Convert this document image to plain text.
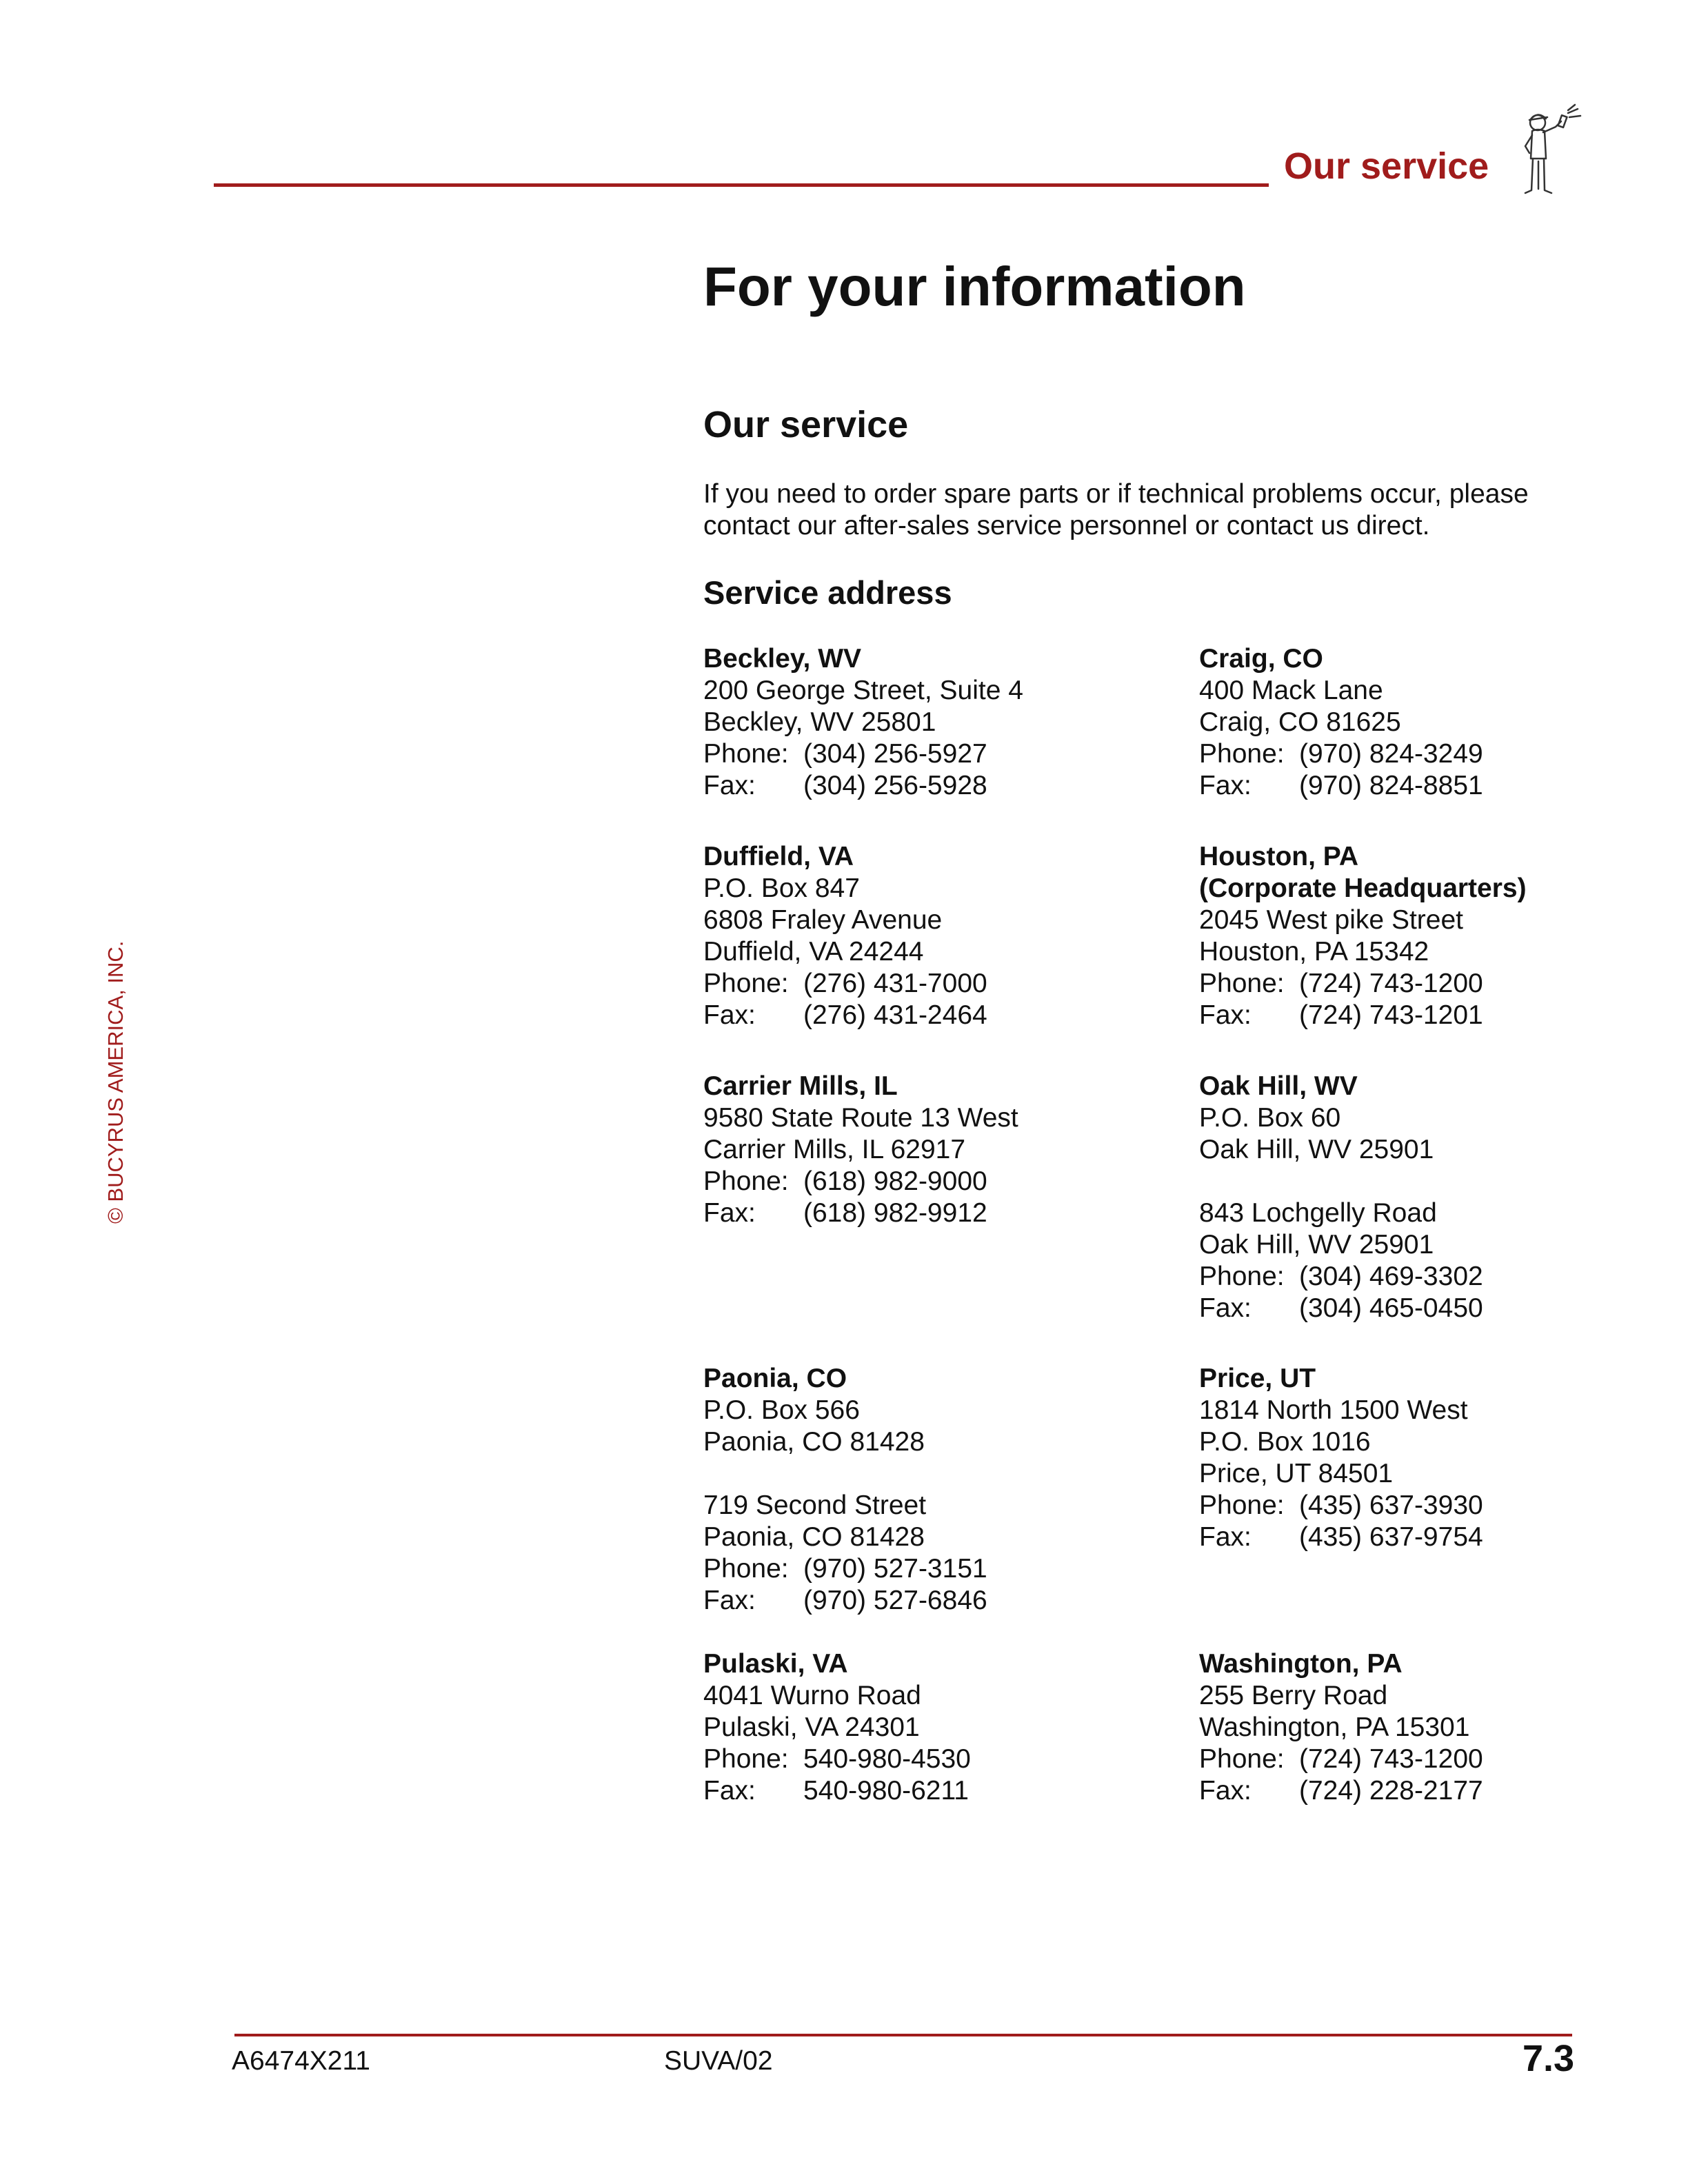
Our service
For your information
Our service

If you need to order spare parts or if technical problems occur, please contact our after-sales service personnel or contact us direct.

Service address
Beckley, WV
200 George Street, Suite 4
Beckley, WV 25801
Phone: (304) 256-5927
Fax: (304) 256-5928
Craig, CO
400 Mack Lane
Craig, CO 81625
Phone: (970) 824-3249
Fax: (970) 824-8851
Duffield, VA
P.O. Box 847
6808 Fraley Avenue
Duffield, VA 24244
Phone: (276) 431-7000
Fax: (276) 431-2464
Houston, PA
(Corporate Headquarters)
2045 West pike Street
Houston, PA 15342
Phone: (724) 743-1200
Fax: (724) 743-1201
Carrier Mills, IL
9580 State Route 13 West
Carrier Mills, IL 62917
Phone: (618) 982-9000
Fax: (618) 982-9912
Oak Hill, WV
P.O. Box 60
Oak Hill, WV 25901
843 Lochgelly Road
Oak Hill, WV 25901
Phone: (304) 469-3302
Fax: (304) 465-0450
Paonia, CO
P.O. Box 566
Paonia, CO 81428
719 Second Street
Paonia, CO 81428
Phone: (970) 527-3151
Fax: (970) 527-6846
Price, UT
1814 North 1500 West
P.O. Box 1016
Price, UT 84501
Phone: (435) 637-3930
Fax: (435) 637-9754
Pulaski, VA
4041 Wurno Road
Pulaski, VA 24301
Phone: 540-980-4530
Fax: 540-980-6211
Washington, PA
255 Berry Road
Washington, PA 15301
Phone: (724) 743-1200
Fax: (724) 228-2177
© BUCYRUS AMERICA, INC.
A6474X211	SUVA/02	7.3
